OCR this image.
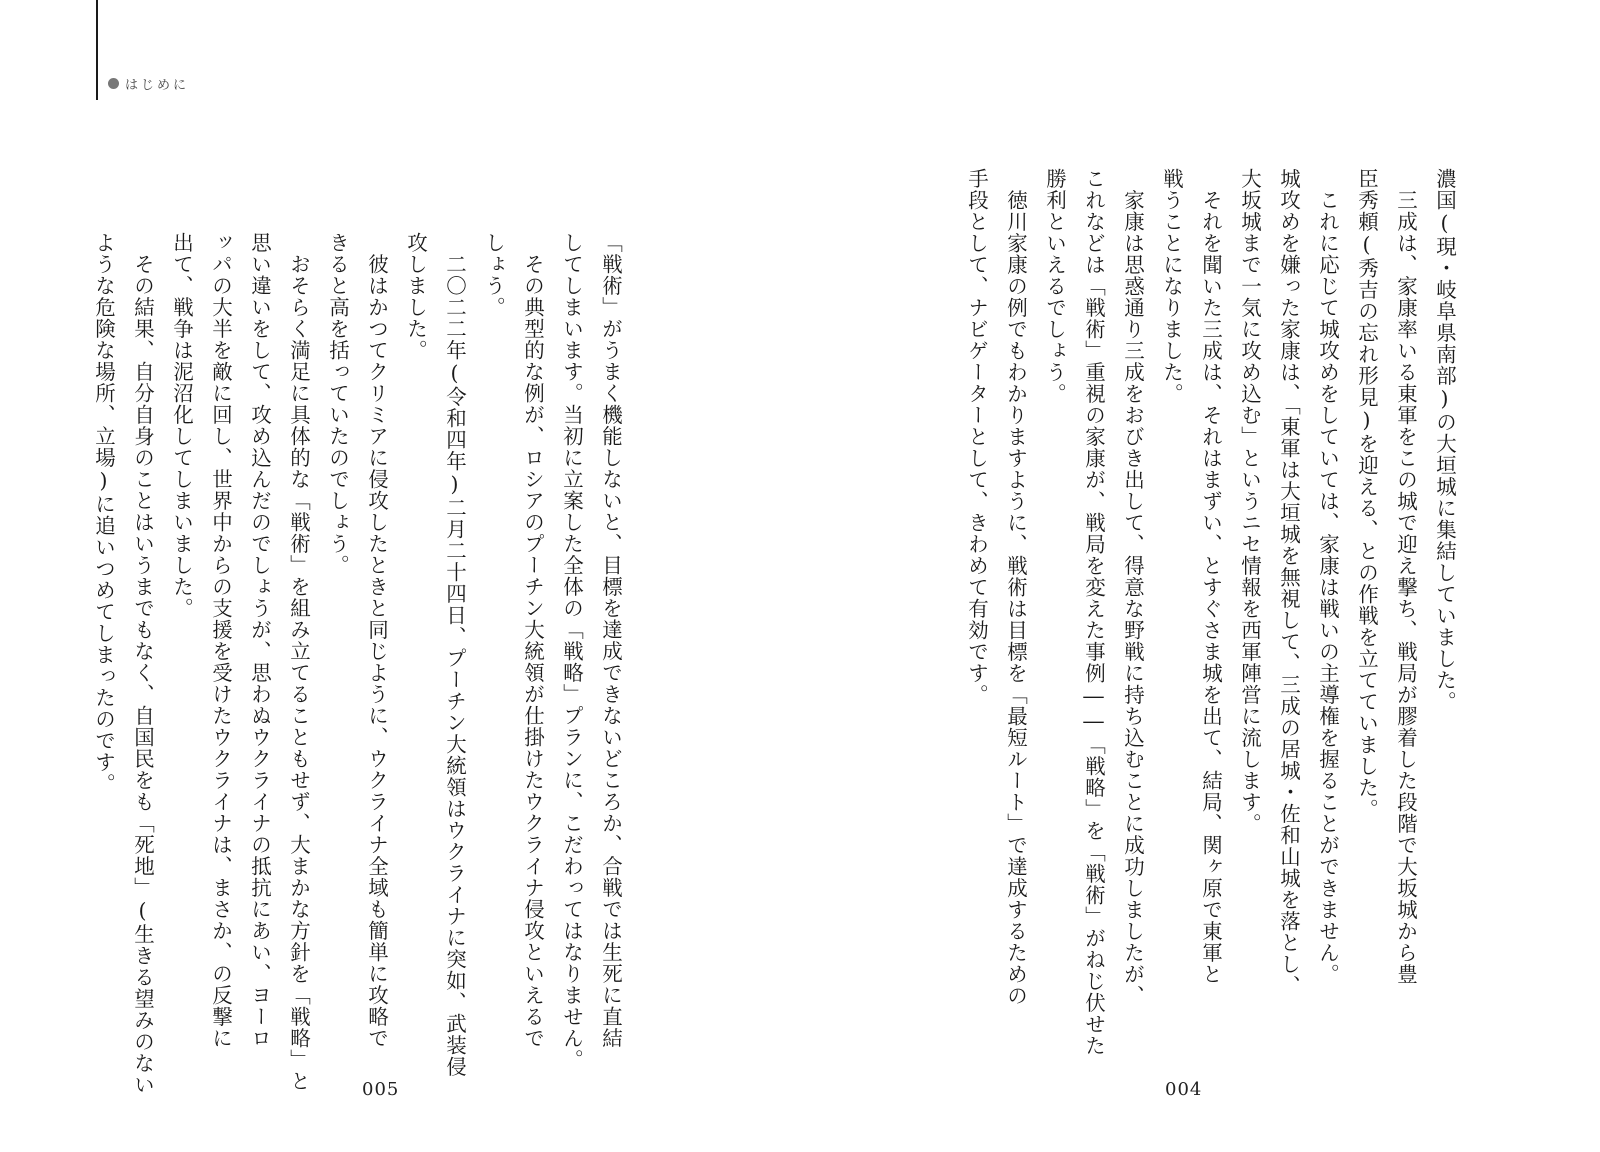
はじめに
濃国(現・岐阜県南部)の大垣城に集結していました。
　三成は、家康率いる東軍をこの城で迎え撃ち、戦局が膠着した段階で大坂城から豊
臣秀頼(秀吉の忘れ形見)を迎える、との作戦を立てていました。
　これに応じて城攻めをしていては、家康は戦いの主導権を握ることができません。
城攻めを嫌った家康は、「東軍は大垣城を無視して、三成の居城・佐和山城を落とし、
大坂城まで一気に攻め込む」というニセ情報を西軍陣営に流します。
　それを聞いた三成は、それはまずい、とすぐさま城を出て、結局、関ヶ原で東軍と
戦うことになりました。
　家康は思惑通り三成をおびき出して、得意な野戦に持ち込むことに成功しましたが、
これなどは「戦術」重視の家康が、戦局を変えた事例――「戦略」を「戦術」がねじ伏せた
勝利といえるでしょう。
　徳川家康の例でもわかりますように、戦術は目標を「最短ルート」で達成するための
手段として、ナビゲーターとして、きわめて有効です。
「戦術」がうまく機能しないと、目標を達成できないどころか、合戦では生死に直結
してしまいます。当初に立案した全体の「戦略」プランに、こだわってはなりません。
　その典型的な例が、ロシアのプーチン大統領が仕掛けたウクライナ侵攻といえるで
しょう。
　二〇二二年(令和四年)二月二十四日、プーチン大統領はウクライナに突如、武装侵
攻しました。
　彼はかつてクリミアに侵攻したときと同じように、ウクライナ全域も簡単に攻略で
きると高を括っていたのでしょう。
　おそらく満足に具体的な「戦術」を組み立てることもせず、大まかな方針を「戦略」と
思い違いをして、攻め込んだのでしょうが、思わぬウクライナの抵抗にあい、ヨーロ
ッパの大半を敵に回し、世界中からの支援を受けたウクライナは、まさか、の反撃に
出て、戦争は泥沼化してしまいました。
　その結果、自分自身のことはいうまでもなく、自国民をも「死地」(生きる望みのない
ような危険な場所、立場)に追いつめてしまったのです。
005	004
